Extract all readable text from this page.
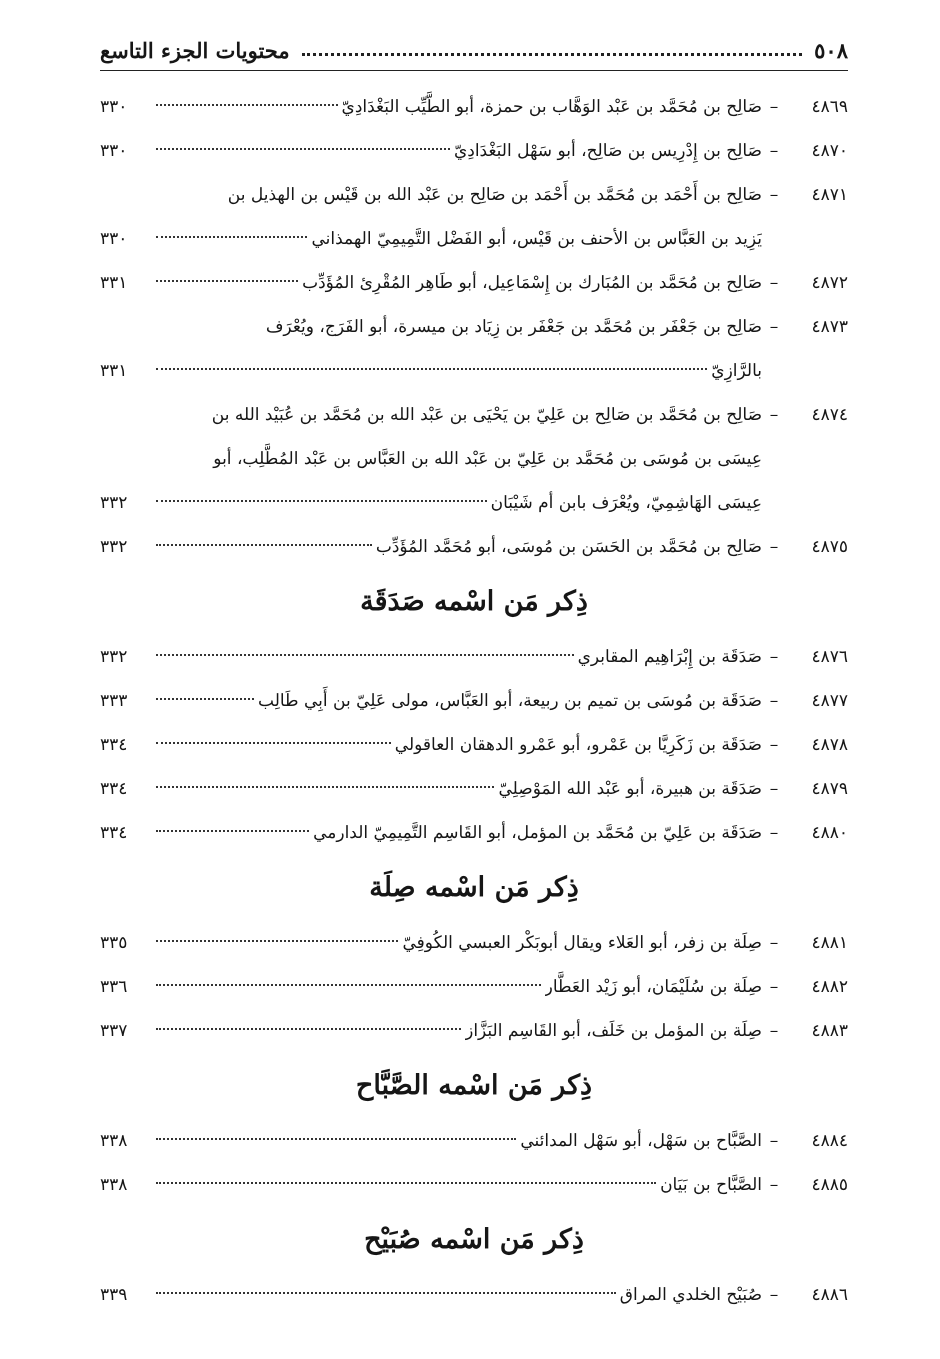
٥٠٨
محتويات الجزء التاسع
٤٨٦٩
–
صَالِح بن مُحَمَّد بن عَبْد الوَهَّاب بن حمزة، أبو الطَّيِّب البَغْدَادِيّ
٣٣٠
٤٨٧٠
–
صَالِح بن إِدْرِيس بن صَالِح، أبو سَهْل البَغْدَادِيّ
٣٣٠
٤٨٧١
–
صَالِح بن أَحْمَد بن مُحَمَّد بن أَحْمَد بن صَالِح بن عَبْد الله بن قَيْس بن الهذيل بن
يَزِيد بن العَبَّاس بن الأحنف بن قَيْس، أبو الفَضْل التَّمِيمِيّ الهمذاني
٣٣٠
٤٨٧٢
–
صَالِح بن مُحَمَّد بن المُبَارك بن إِسْمَاعِيل، أبو طَاهِر المُقْرِئ المُؤَدِّب
٣٣١
٤٨٧٣
–
صَالِح بن جَعْفَر بن مُحَمَّد بن جَعْفَر بن زِيَاد بن ميسرة، أبو الفَرَج، ويُعْرَف
بالرَّازِيّ
٣٣١
٤٨٧٤
–
صَالِح بن مُحَمَّد بن صَالِح بن عَلِيّ بن يَحْيَى بن عَبْد الله بن مُحَمَّد بن عُبَيْد الله بن
عِيسَى بن مُوسَى بن مُحَمَّد بن عَلِيّ بن عَبْد الله بن العَبَّاس بن عَبْد المُطَّلِب، أبو
عِيسَى الهَاشِمِيّ، ويُعْرَف بابن أم شَيْبَان
٣٣٢
٤٨٧٥
–
صَالِح بن مُحَمَّد بن الحَسَن بن مُوسَى، أبو مُحَمَّد المُؤَدِّب
٣٣٢
ذِكر مَن اسْمه صَدَقَة
٤٨٧٦
–
صَدَقَة بن إِبْرَاهِيم المقابري
٣٣٢
٤٨٧٧
–
صَدَقَة بن مُوسَى بن تميم بن ربيعة، أبو العَبَّاس، مولى عَلِيّ بن أَبِي طَالِب
٣٣٣
٤٨٧٨
–
صَدَقَة بن زَكَرِيَّا بن عَمْرو، أبو عَمْرو الدهقان العاقولي
٣٣٤
٤٨٧٩
–
صَدَقَة بن هبيرة، أبو عَبْد الله المَوْصِلِيّ
٣٣٤
٤٨٨٠
–
صَدَقَة بن عَلِيّ بن مُحَمَّد بن المؤمل، أبو القَاسِم التَّمِيمِيّ الدارمي
٣٣٤
ذِكر مَن اسْمه صِلَة
٤٨٨١
–
صِلَة بن زفر، أبو العَلاء ويقال أبوبَكْر العبسي الكُوفِيّ
٣٣٥
٤٨٨٢
–
صِلَة بن سُلَيْمَان، أبو زَيْد العَطَّار
٣٣٦
٤٨٨٣
–
صِلَة بن المؤمل بن خَلَف، أبو القَاسِم البَزَّاز
٣٣٧
ذِكر مَن اسْمه الصَّبَّاح
٤٨٨٤
–
الصَّبَّاح بن سَهْل، أبو سَهْل المدائني
٣٣٨
٤٨٨٥
–
الصَّبَّاح بن بَيَان
٣٣٨
ذِكر مَن اسْمه صُبَيْح
٤٨٨٦
–
صُبَيْح الخلدي المراق
٣٣٩
